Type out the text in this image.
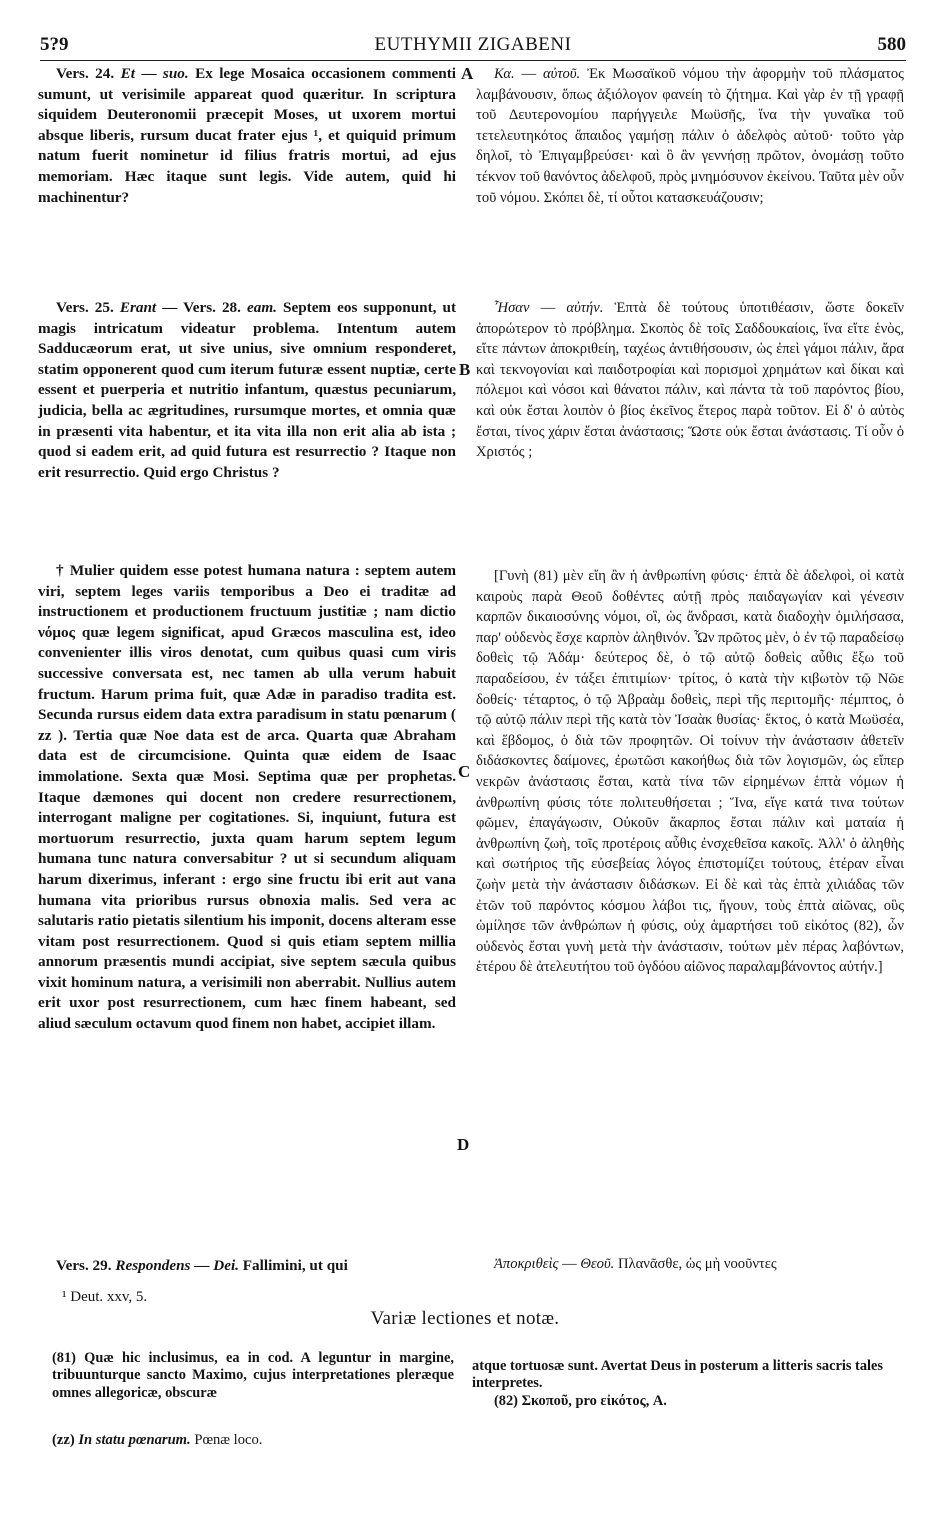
5?9	EUTHYMII ZIGABENI	580
A
B
C
D

Vers. 24. Et — suo. Ex lege Mosaica occasionem commenti sumunt, ut verisimile appareat quod quæritur. In scriptura siquidem Deuteronomii præcepit Moses, ut uxorem mortui absque liberis, rursum ducat frater ejus ¹, et quiquid primum natum fuerit nominetur id filius fratris mortui, ad ejus memoriam. Hæc itaque sunt legis. Vide autem, quid hi machinentur?

Vers. 25. Erant — Vers. 28. eam. Septem eos supponunt, ut magis intricatum videatur problema. Intentum autem Sadducæorum erat, ut sive unius, sive omnium responderet, statim opponerent quod cum iterum futuræ essent nuptiæ, certe essent et puerperia et nutritio infantum, quæstus pecuniarum, judicia, bella ac ægritudines, rursumque mortes, et omnia quæ in præsenti vita habentur, et ita vita illa non erit alia ab ista ; quod si eadem erit, ad quid futura est resurrectio ? Itaque non erit resurrectio. Quid ergo Christus ?

† Mulier quidem esse potest humana natura : septem autem viri, septem leges variis temporibus a Deo ei traditæ ad instructionem et productionem fructuum justitiæ ; nam dictio νόμος quæ legem significat, apud Græcos masculina est, ideo convenienter illis viros denotat, cum quibus quasi cum viris successive conversata est, nec tamen ab ulla verum habuit fructum. Harum prima fuit, quæ Adæ in paradiso tradita est. Secunda rursus eidem data extra paradisum in statu pœnarum ( zz ). Tertia quæ Noe data est de arca. Quarta quæ Abraham data est de circumcisione. Quinta quæ eidem de Isaac immolatione. Sexta quæ Mosi. Septima quæ per prophetas. Itaque dæmones qui docent non credere resurrectionem, interrogant maligne per cogitationes. Si, inquiunt, futura est mortuorum resurrectio, juxta quam harum septem legum humana tunc natura conversabitur ? ut si secundum aliquam harum dixerimus, inferant : ergo sine fructu ibi erit aut vana humana vita prioribus rursus obnoxia malis. Sed vera ac salutaris ratio pietatis silentium his imponit, docens alteram esse vitam post resurrectionem. Quod si quis etiam septem millia annorum præsentis mundi accipiat, sive septem sæcula quibus vixit hominum natura, a verisimili non aberrabit. Nullius autem erit uxor post resurrectionem, cum hæc finem habeant, sed aliud sæculum octavum quod finem non habet, accipiet illam.

Vers. 29. Respondens — Dei. Fallimini, ut qui

Κα. — αὐτοῦ. Ἐκ Μωσαϊκοῦ νόμου τὴν ἀφορμὴν τοῦ πλάσματος λαμβάνουσιν, ὅπως ἀξιόλογον φανείη τὸ ζήτημα. Καὶ γὰρ ἐν τῇ γραφῇ τοῦ Δευτερονομίου παρήγγειλε Μωϋσῆς, ἵνα τὴν γυναῖκα τοῦ τετελευτηκότος ἄπαιδος γαμήσῃ πάλιν ὁ ἀδελφὸς αὐτοῦ· τοῦτο γὰρ δηλοῖ, τὸ Ἐπιγαμβρεύσει· καὶ ὃ ἂν γεννήσῃ πρῶτον, ὀνομάσῃ τοῦτο τέκνον τοῦ θανόντος ἀδελφοῦ, πρὸς μνημόσυνον ἐκείνου. Ταῦτα μὲν οὖν τοῦ νόμου. Σκόπει δὲ, τί οὗτοι κατασκευάζουσιν;

Ἦσαν — αὐτήν. Ἑπτὰ δὲ τούτους ὑποτιθέασιν, ὥστε δοκεῖν ἀπορώτερον τὸ πρόβλημα. Σκοπὸς δὲ τοῖς Σαδδουκαίοις, ἵνα εἴτε ἑνὸς, εἴτε πάντων ἀποκριθείη, ταχέως ἀντιθήσουσιν, ὡς ἐπεὶ γάμοι πάλιν, ἄρα καὶ τεκνογονίαι καὶ παιδοτροφίαι καὶ πορισμοὶ χρημάτων καὶ δίκαι καὶ πόλεμοι καὶ νόσοι καὶ θάνατοι πάλιν, καὶ πάντα τὰ τοῦ παρόντος βίου, καὶ οὐκ ἔσται λοιπὸν ὁ βίος ἐκεῖνος ἕτερος παρὰ τοῦτον. Εἰ δ' ὁ αὐτὸς ἔσται, τίνος χάριν ἔσται ἀνάστασις; Ὥστε οὐκ ἔσται ἀνάστασις. Τί οὖν ὁ Χριστός ;

[Γυνὴ (81) μὲν εἴη ἂν ἡ ἀνθρωπίνη φύσις· ἑπτὰ δὲ ἀδελφοὶ, οἱ κατὰ καιροὺς παρὰ Θεοῦ δοθέντες αὐτῇ πρὸς παιδαγωγίαν καὶ γένεσιν καρπῶν δικαιοσύνης νόμοι, οἳ, ὡς ἄνδρασι, κατὰ διαδοχὴν ὁμιλήσασα, παρ' οὐδενὸς ἔσχε καρπὸν ἀληθινόν. Ὧν πρῶτος μὲν, ὁ ἐν τῷ παραδείσῳ δοθεὶς τῷ Ἀδάμ· δεύτερος δὲ, ὁ τῷ αὐτῷ δοθεὶς αὖθις ἔξω τοῦ παραδείσου, ἐν τάξει ἐπιτιμίων· τρίτος, ὁ κατὰ τὴν κιβωτὸν τῷ Νῶε δοθείς· τέταρτος, ὁ τῷ Ἀβραὰμ δοθεὶς, περὶ τῆς περιτομῆς· πέμπτος, ὁ τῷ αὐτῷ πάλιν περὶ τῆς κατὰ τὸν Ἰσαὰκ θυσίας· ἕκτος, ὁ κατὰ Μωϋσέα, καὶ ἕβδομος, ὁ διὰ τῶν προφητῶν. Οἱ τοίνυν τὴν ἀνάστασιν ἀθετεῖν διδάσκοντες δαίμονες, ἐρωτῶσι κακοήθως διὰ τῶν λογισμῶν, ὡς εἴπερ νεκρῶν ἀνάστασις ἔσται, κατὰ τίνα τῶν εἰρημένων ἑπτὰ νόμων ἡ ἀνθρωπίνη φύσις τότε πολιτευθήσεται ; Ἵνα, εἴγε κατά τινα τούτων φῶμεν, ἐπαγάγωσιν, Οὐκοῦν ἄκαρπος ἔσται πάλιν καὶ ματαία ἡ ἀνθρωπίνη ζωὴ, τοῖς προτέροις αὖθις ἐνσχεθεῖσα κακοῖς. Ἀλλ' ὁ ἀληθὴς καὶ σωτήριος τῆς εὐσεβείας λόγος ἐπιστομίζει τούτους, ἑτέραν εἶναι ζωὴν μετὰ τὴν ἀνάστασιν διδάσκων. Εἰ δὲ καὶ τὰς ἑπτὰ χιλιάδας τῶν ἐτῶν τοῦ παρόντος κόσμου λάβοι τις, ἤγουν, τοὺς ἑπτὰ αἰῶνας, οὓς ὡμίλησε τῶν ἀνθρώπων ἡ φύσις, οὐχ ἁμαρτήσει τοῦ εἰκότος (82), ὧν οὐδενὸς ἔσται γυνὴ μετὰ τὴν ἀνάστασιν, τούτων μὲν πέρας λαβόντων, ἑτέρου δὲ ἀτελευτήτου τοῦ ὀγδόου αἰῶνος παραλαμβάνοντος αὐτήν.]

Ἀποκριθεὶς — Θεοῦ. Πλανᾶσθε, ὡς μὴ νοοῦντες

¹ Deut. xxv, 5.
Variæ lectiones et notæ.

(81) Quæ hic inclusimus, ea in cod. A leguntur in margine, tribuunturque sancto Maximo, cujus interpretationes pleræque omnes allegoricæ, obscuræ

atque tortuosæ sunt. Avertat Deus in posterum a litteris sacris tales interpretes.

(82) Σκοποῦ, pro εἰκότος, A.

(zz) In statu pœnarum. Pœnæ loco.
